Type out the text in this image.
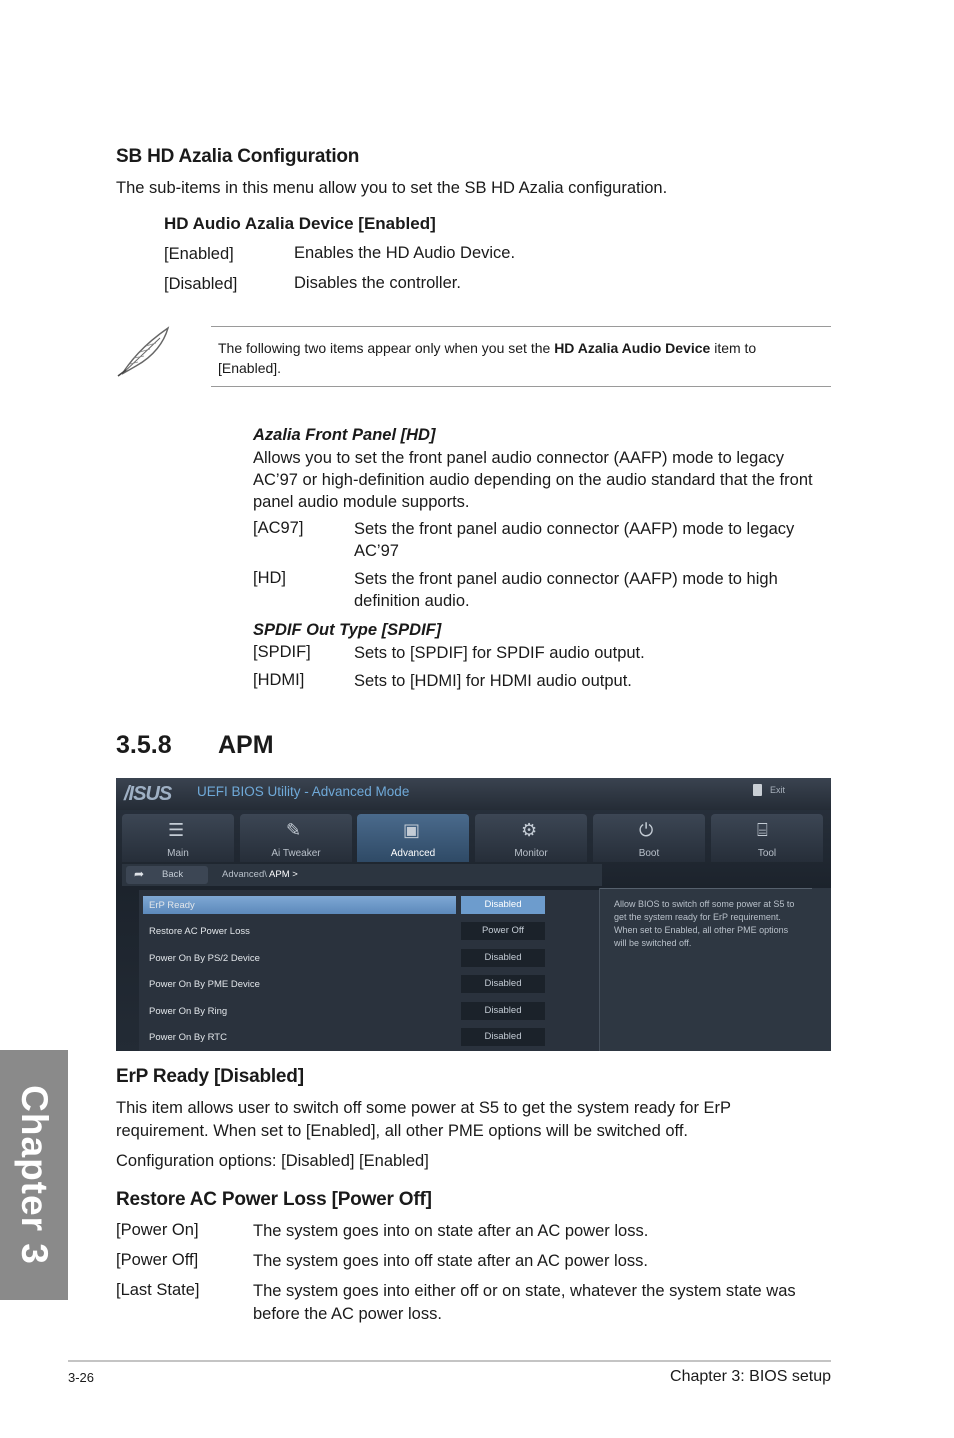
SB HD Azalia Configuration
The sub-items in this menu allow you to set the SB HD Azalia configuration.
HD Audio Azalia Device [Enabled]
[Enabled]	Enables the HD Audio Device.
[Disabled]	Disables the controller.
The following two items appear only when you set the HD Azalia Audio Device item to [Enabled].
Azalia Front Panel [HD]
Allows you to set the front panel audio connector (AAFP) mode to legacy AC’97 or high-definition audio depending on the audio standard that the front panel audio module supports.
[AC97]	Sets the front panel audio connector (AAFP) mode to legacy AC’97
[HD]	Sets the front panel audio connector (AAFP) mode to high definition audio.
SPDIF Out Type [SPDIF]
[SPDIF]	Sets to [SPDIF] for SPDIF audio output.
[HDMI]	Sets to [HDMI] for HDMI audio output.
3.5.8 APM
/ISUS UEFI BIOS Utility - Advanced Mode	Exit
☰
Main
✎
Ai Tweaker
▣
Advanced
⚙
Monitor
⏻
Boot
⌸
Tool
➦ Back	Advanced\ APM >
ErP Ready	Disabled
Restore AC Power Loss	Power Off
Power On By PS/2 Device	Disabled
Power On By PME Device	Disabled
Power On By Ring	Disabled
Power On By RTC	Disabled
Allow BIOS to switch off some power at S5 to get the system ready for ErP requirement. When set to Enabled, all other PME options will be switched off.
ErP Ready [Disabled]
This item allows user to switch off some power at S5 to get the system ready for ErP requirement. When set to [Enabled], all other PME options will be switched off.
Configuration options: [Disabled] [Enabled]
Restore AC Power Loss [Power Off]
[Power On]	The system goes into on state after an AC power loss.
[Power Off]	The system goes into off state after an AC power loss.
[Last State]	The system goes into either off or on state, whatever the system state was before the AC power loss.
Chapter 3
3-26	Chapter 3: BIOS setup
